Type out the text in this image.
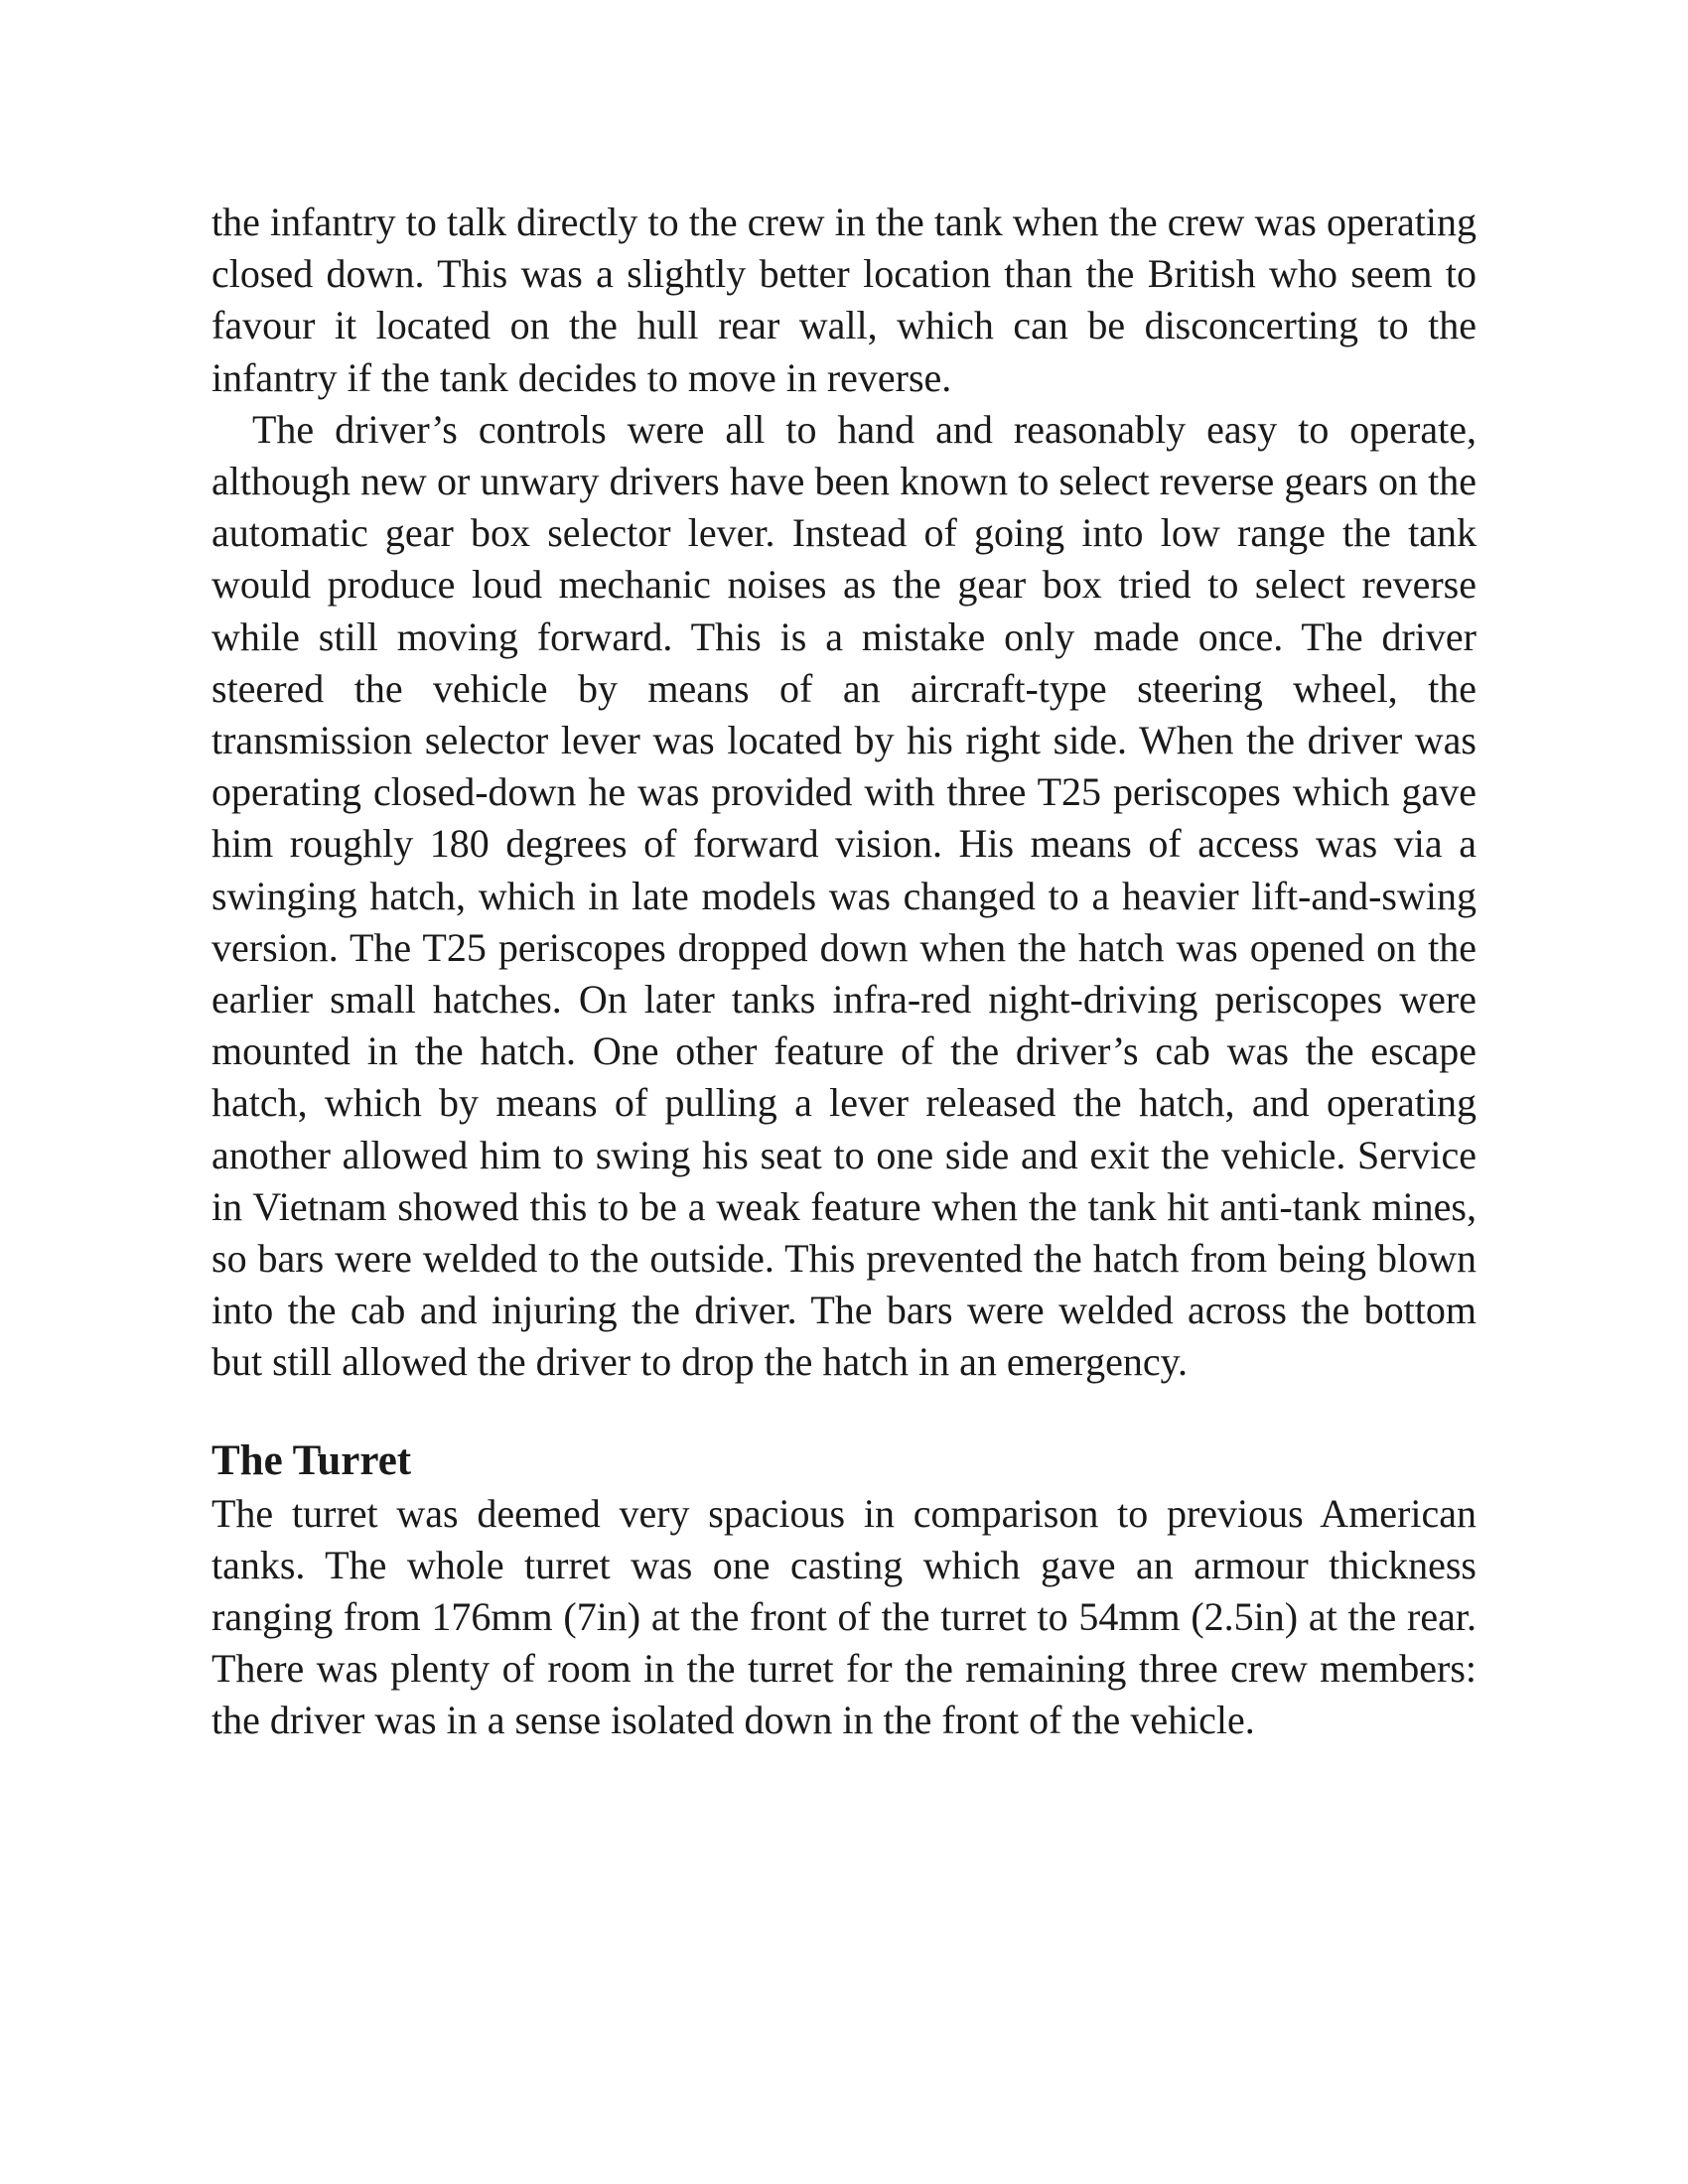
the infantry to talk directly to the crew in the tank when the crew was operating closed down. This was a slightly better location than the British who seem to favour it located on the hull rear wall, which can be disconcerting to the infantry if the tank decides to move in reverse.

The driver’s controls were all to hand and reasonably easy to operate, although new or unwary drivers have been known to select reverse gears on the automatic gear box selector lever. Instead of going into low range the tank would produce loud mechanic noises as the gear box tried to select reverse while still moving forward. This is a mistake only made once. The driver steered the vehicle by means of an aircraft-type steering wheel, the transmission selector lever was located by his right side. When the driver was operating closed-down he was provided with three T25 periscopes which gave him roughly 180 degrees of forward vision. His means of access was via a swinging hatch, which in late models was changed to a heavier lift-and-swing version. The T25 periscopes dropped down when the hatch was opened on the earlier small hatches. On later tanks infra-red night-driving periscopes were mounted in the hatch. One other feature of the driver’s cab was the escape hatch, which by means of pulling a lever released the hatch, and operating another allowed him to swing his seat to one side and exit the vehicle. Service in Vietnam showed this to be a weak feature when the tank hit anti-tank mines, so bars were welded to the outside. This prevented the hatch from being blown into the cab and injuring the driver. The bars were welded across the bottom but still allowed the driver to drop the hatch in an emergency.

The Turret

The turret was deemed very spacious in comparison to previous American tanks. The whole turret was one casting which gave an armour thickness ranging from 176mm (7in) at the front of the turret to 54mm (2.5in) at the rear. There was plenty of room in the turret for the remaining three crew members: the driver was in a sense isolated down in the front of the vehicle.
